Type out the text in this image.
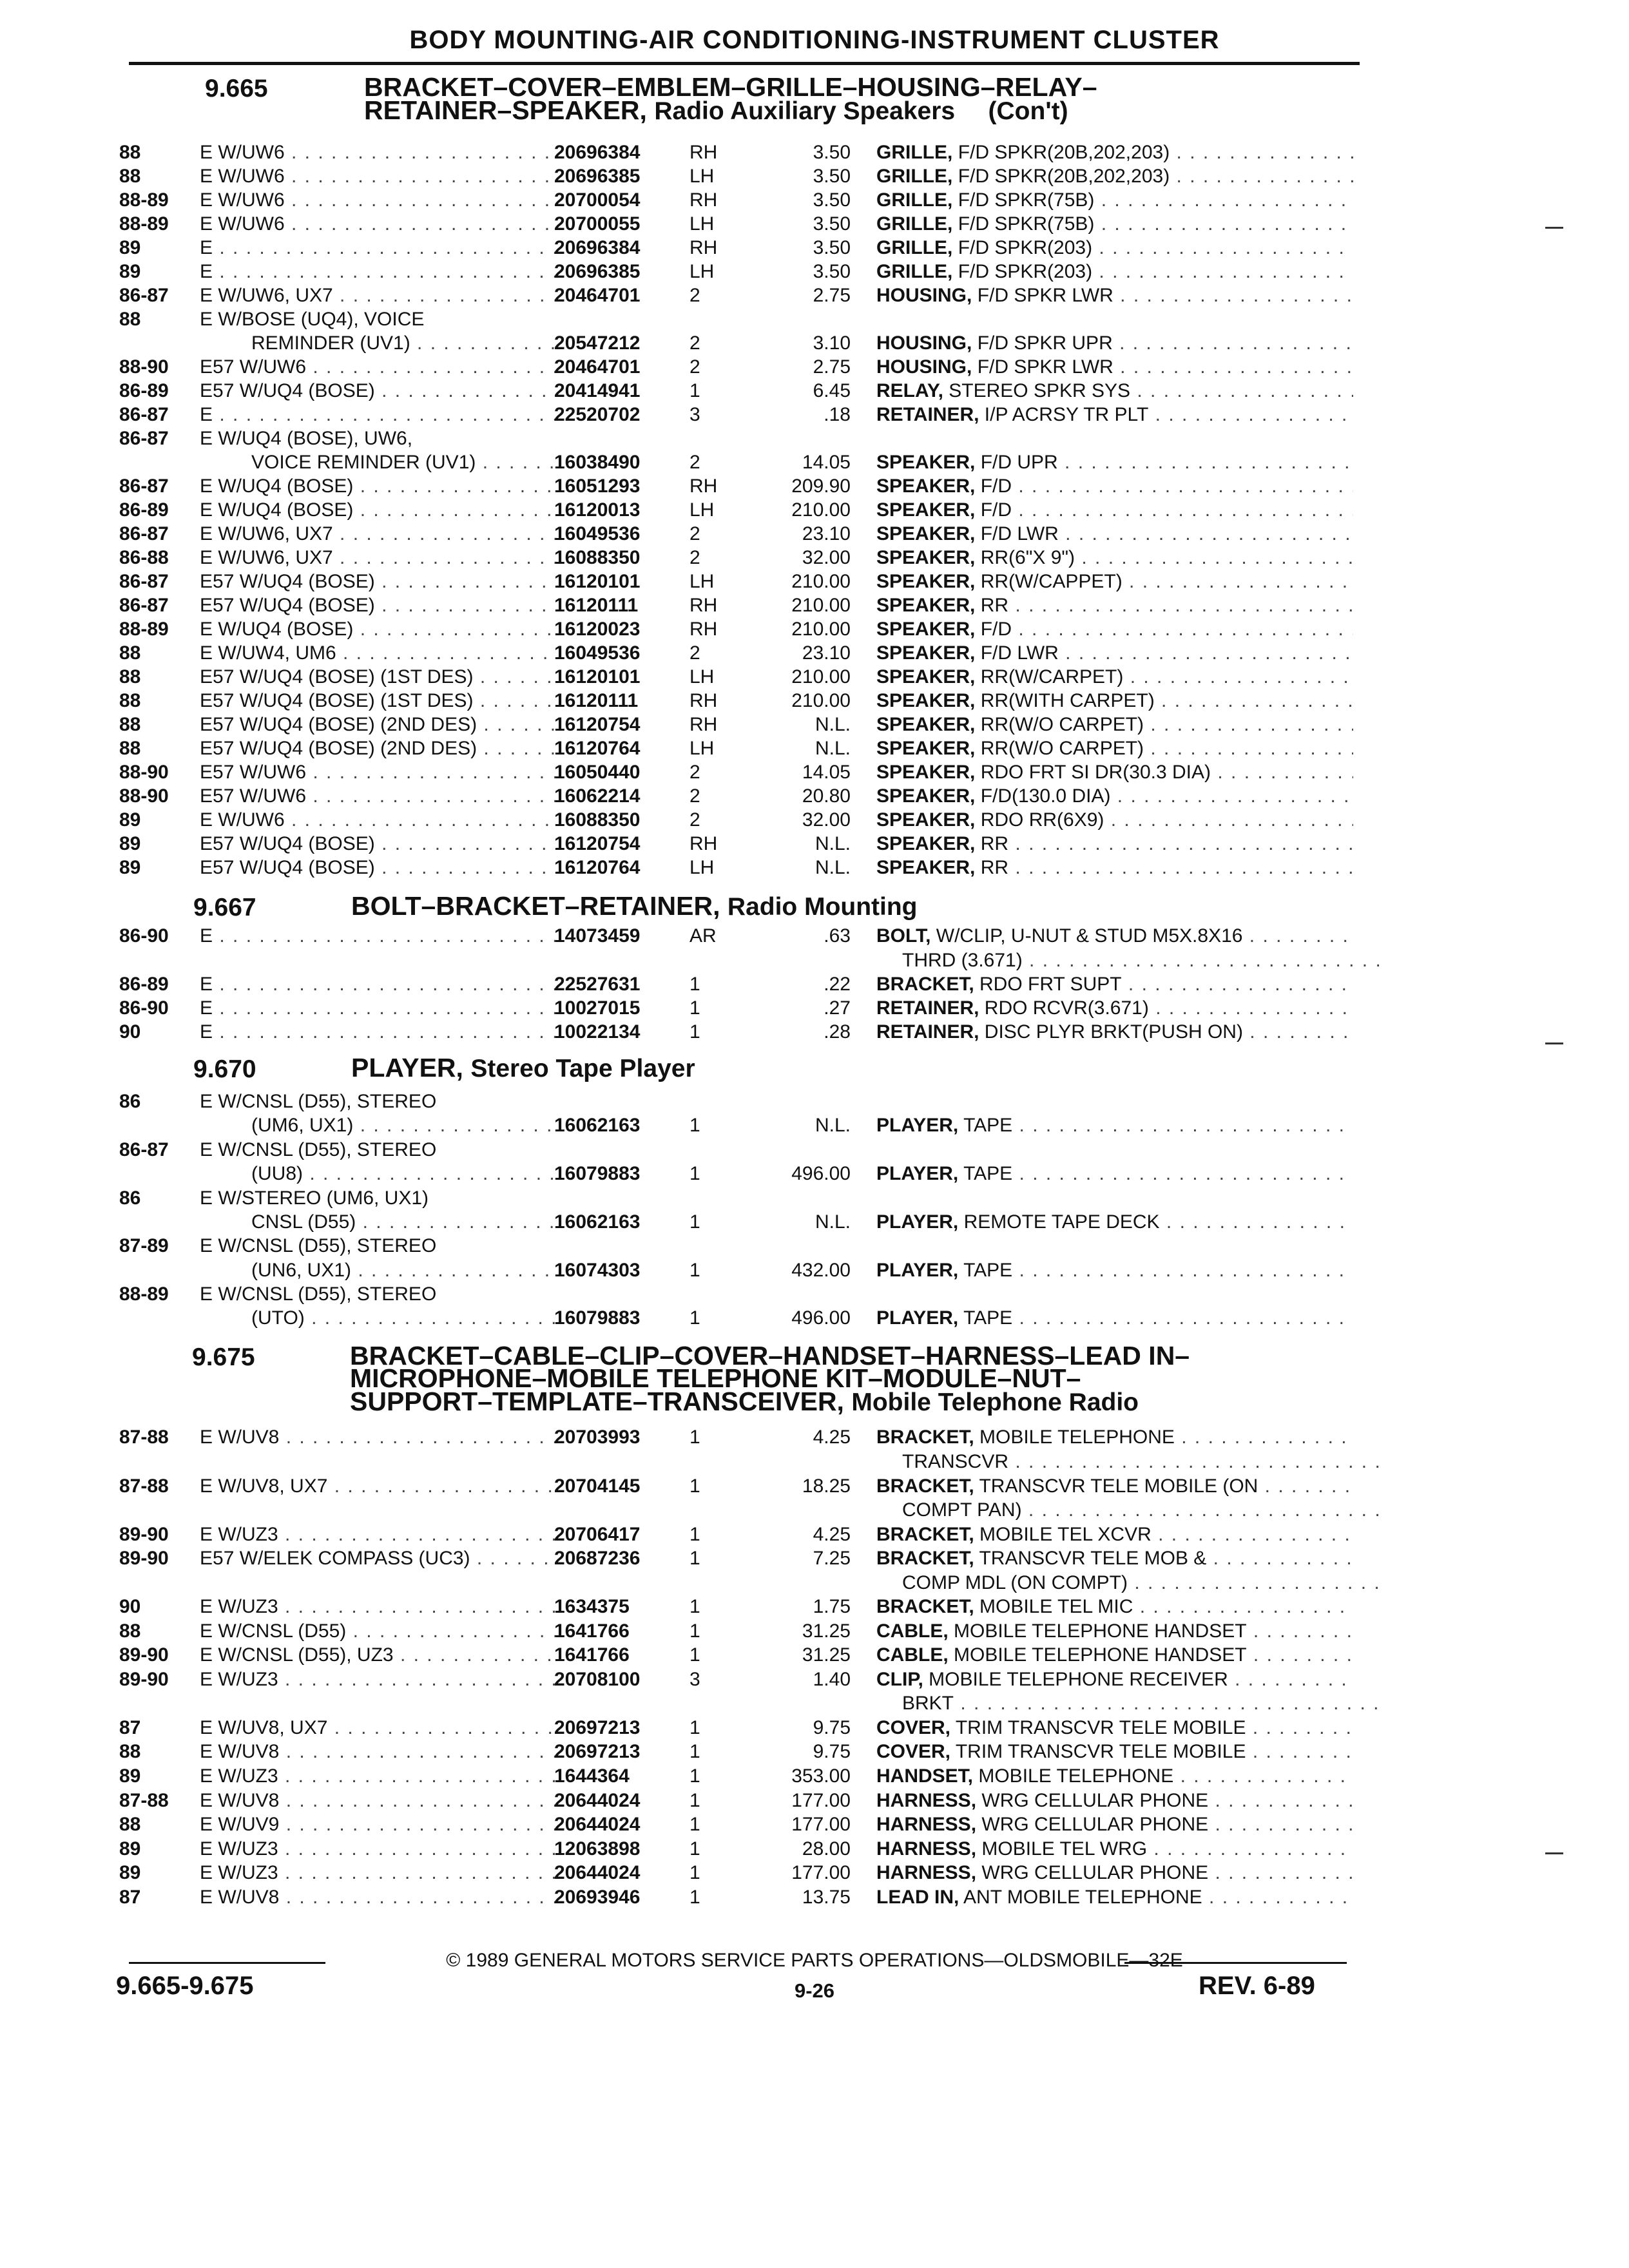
BODY MOUNTING-AIR CONDITIONING-INSTRUMENT CLUSTER
9.665	BRACKET–COVER–EMBLEM–GRILLE–HOUSING–RELAY–
RETAINER–SPEAKER, Radio Auxiliary Speakers (Con't)
9.667	BOLT–BRACKET–RETAINER, Radio Mounting
9.670	PLAYER, Stereo Tape Player
9.675	BRACKET–CABLE–CLIP–COVER–HANDSET–HARNESS–LEAD IN–
MICROPHONE–MOBILE TELEPHONE KIT–MODULE–NUT–
SUPPORT–TEMPLATE–TRANSCEIVER, Mobile Telephone Radio
88	E W/UW6 . . .	20696384	RH	3.50 GRILLE, F/D SPKR(20B,202,203) . . .
88	E W/UW6 . . .	20696385	LH	3.50 GRILLE, F/D SPKR(20B,202,203) . . .
88-89	E W/UW6 . . .	20700054	RH	3.50 GRILLE, F/D SPKR(75B) . . .
88-89	E W/UW6 . . .	20700055	LH	3.50 GRILLE, F/D SPKR(75B) . . .
89	E . . .	20696384	RH	3.50 GRILLE, F/D SPKR(203) . . .
89	E . . .	20696385	LH	3.50 GRILLE, F/D SPKR(203) . . .
86-87	E W/UW6, UX7 . . .	20464701	2	2.75 HOUSING, F/D SPKR LWR . . .
88	E W/BOSE (UQ4), VOICE
REMINDER (UV1) . . .	20547212	2	3.10 HOUSING, F/D SPKR UPR . . .
88-90	E57 W/UW6 . . .	20464701	2	2.75 HOUSING, F/D SPKR LWR . . .
86-89	E57 W/UQ4 (BOSE) . . .	20414941	1	6.45 RELAY, STEREO SPKR SYS . . .
86-87	E . . .	22520702	3	.18 RETAINER, I/P ACRSY TR PLT . . .
86-87	E W/UQ4 (BOSE), UW6,
VOICE REMINDER (UV1) . . .	16038490	2	14.05 SPEAKER, F/D UPR . . .
86-87	E W/UQ4 (BOSE) . . .	16051293	RH	209.90 SPEAKER, F/D . . .
86-89	E W/UQ4 (BOSE) . . .	16120013	LH	210.00 SPEAKER, F/D . . .
86-87	E W/UW6, UX7 . . .	16049536	2	23.10 SPEAKER, F/D LWR . . .
86-88	E W/UW6, UX7 . . .	16088350	2	32.00 SPEAKER, RR(6"X 9") . . .
86-87	E57 W/UQ4 (BOSE) . . .	16120101	LH	210.00 SPEAKER, RR(W/CAPPET) . . .
86-87	E57 W/UQ4 (BOSE) . . .	16120111	RH	210.00 SPEAKER, RR . . .
88-89	E W/UQ4 (BOSE) . . .	16120023	RH	210.00 SPEAKER, F/D . . .
88	E W/UW4, UM6 . . .	16049536	2	23.10 SPEAKER, F/D LWR . . .
88	E57 W/UQ4 (BOSE) (1ST DES) . . .	16120101	LH	210.00 SPEAKER, RR(W/CARPET) . . .
88	E57 W/UQ4 (BOSE) (1ST DES) . . .	16120111	RH	210.00 SPEAKER, RR(WITH CARPET) . . .
88	E57 W/UQ4 (BOSE) (2ND DES) . . .	16120754	RH	N.L. SPEAKER, RR(W/O CARPET) . . .
88	E57 W/UQ4 (BOSE) (2ND DES) . . .	16120764	LH	N.L. SPEAKER, RR(W/O CARPET) . . .
88-90	E57 W/UW6 . . .	16050440	2	14.05 SPEAKER, RDO FRT SI DR(30.3 DIA) . . .
88-90	E57 W/UW6 . . .	16062214	2	20.80 SPEAKER, F/D(130.0 DIA) . . .
89	E W/UW6 . . .	16088350	2	32.00 SPEAKER, RDO RR(6X9) . . .
89	E57 W/UQ4 (BOSE) . . .	16120754	RH	N.L. SPEAKER, RR . . .
89	E57 W/UQ4 (BOSE) . . .	16120764	LH	N.L. SPEAKER, RR . . .
86-90	E . . .	14073459	AR	.63 BOLT, W/CLIP, U-NUT & STUD M5X.8X16 . . .
THRD (3.671) . . .
86-89	E . . .	22527631	1	.22 BRACKET, RDO FRT SUPT . . .
86-90	E . . .	10027015	1	.27 RETAINER, RDO RCVR(3.671) . . .
90	E . . .	10022134	1	.28 RETAINER, DISC PLYR BRKT(PUSH ON) . . .
86	E W/CNSL (D55), STEREO
(UM6, UX1) . . .	16062163	1	N.L. PLAYER, TAPE . . .
86-87	E W/CNSL (D55), STEREO
(UU8) . . .	16079883	1	496.00 PLAYER, TAPE . . .
86	E W/STEREO (UM6, UX1)
CNSL (D55) . . .	16062163	1	N.L. PLAYER, REMOTE TAPE DECK . . .
87-89	E W/CNSL (D55), STEREO
(UN6, UX1) . . .	16074303	1	432.00 PLAYER, TAPE . . .
88-89	E W/CNSL (D55), STEREO
(UTO) . . .	16079883	1	496.00 PLAYER, TAPE . . .
87-88	E W/UV8 . . .	20703993	1	4.25 BRACKET, MOBILE TELEPHONE . . .
TRANSCVR . . .
87-88	E W/UV8, UX7 . . .	20704145	1	18.25 BRACKET, TRANSCVR TELE MOBILE (ON . . .
COMPT PAN) . . .
89-90	E W/UZ3 . . .	20706417	1	4.25 BRACKET, MOBILE TEL XCVR . . .
89-90	E57 W/ELEK COMPASS (UC3) . . .	20687236	1	7.25 BRACKET, TRANSCVR TELE MOB & . . .
COMP MDL (ON COMPT) . . .
90	E W/UZ3 . . .	1634375	1	1.75 BRACKET, MOBILE TEL MIC . . .
88	E W/CNSL (D55) . . .	1641766	1	31.25 CABLE, MOBILE TELEPHONE HANDSET . . .
89-90	E W/CNSL (D55), UZ3 . . .	1641766	1	31.25 CABLE, MOBILE TELEPHONE HANDSET . . .
89-90	E W/UZ3 . . .	20708100	3	1.40 CLIP, MOBILE TELEPHONE RECEIVER . . .
BRKT . . .
87	E W/UV8, UX7 . . .	20697213	1	9.75 COVER, TRIM TRANSCVR TELE MOBILE . . .
88	E W/UV8 . . .	20697213	1	9.75 COVER, TRIM TRANSCVR TELE MOBILE . . .
89	E W/UZ3 . . .	1644364	1	353.00 HANDSET, MOBILE TELEPHONE . . .
87-88	E W/UV8 . . .	20644024	1	177.00 HARNESS, WRG CELLULAR PHONE . . .
88	E W/UV9 . . .	20644024	1	177.00 HARNESS, WRG CELLULAR PHONE . . .
89	E W/UZ3 . . .	12063898	1	28.00 HARNESS, MOBILE TEL WRG . . .
89	E W/UZ3 . . .	20644024	1	177.00 HARNESS, WRG CELLULAR PHONE . . .
87	E W/UV8 . . .	20693946	1	13.75 LEAD IN, ANT MOBILE TELEPHONE . . .
© 1989 GENERAL MOTORS SERVICE PARTS OPERATIONS—OLDSMOBILE—32E
9.665-9.675	9-26	REV. 6-89
